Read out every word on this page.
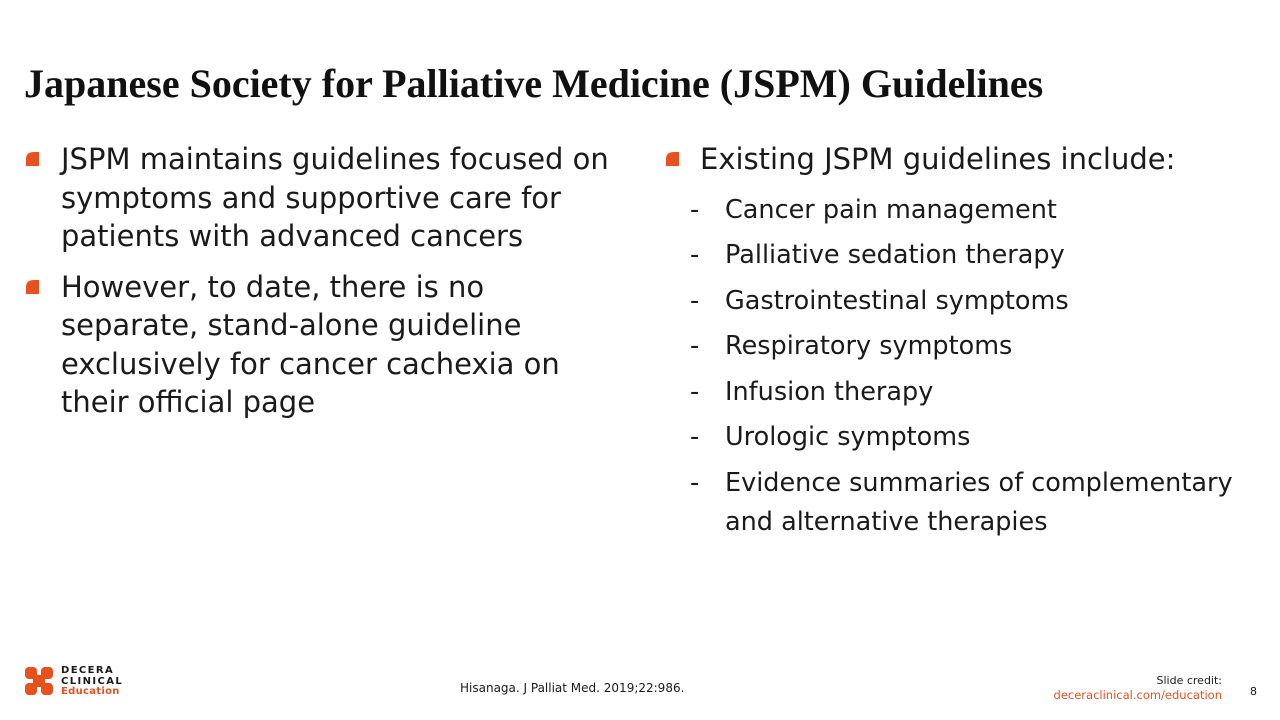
Japanese Society for Palliative Medicine (JSPM) Guidelines
JSPM maintains guidelines focused on symptoms and supportive care for patients with advanced cancers
However, to date, there is no separate, stand-alone guideline exclusively for cancer cachexia on their official page
Existing JSPM guidelines include:
- Cancer pain management
- Palliative sedation therapy
- Gastrointestinal symptoms
- Respiratory symptoms
- Infusion therapy
- Urologic symptoms
- Evidence summaries of complementary and alternative therapies
DECERA
CLINICAL
Education	Hisanaga. J Palliat Med. 2019;22:986.
Slide credit:
deceraclinical.com/education	8
